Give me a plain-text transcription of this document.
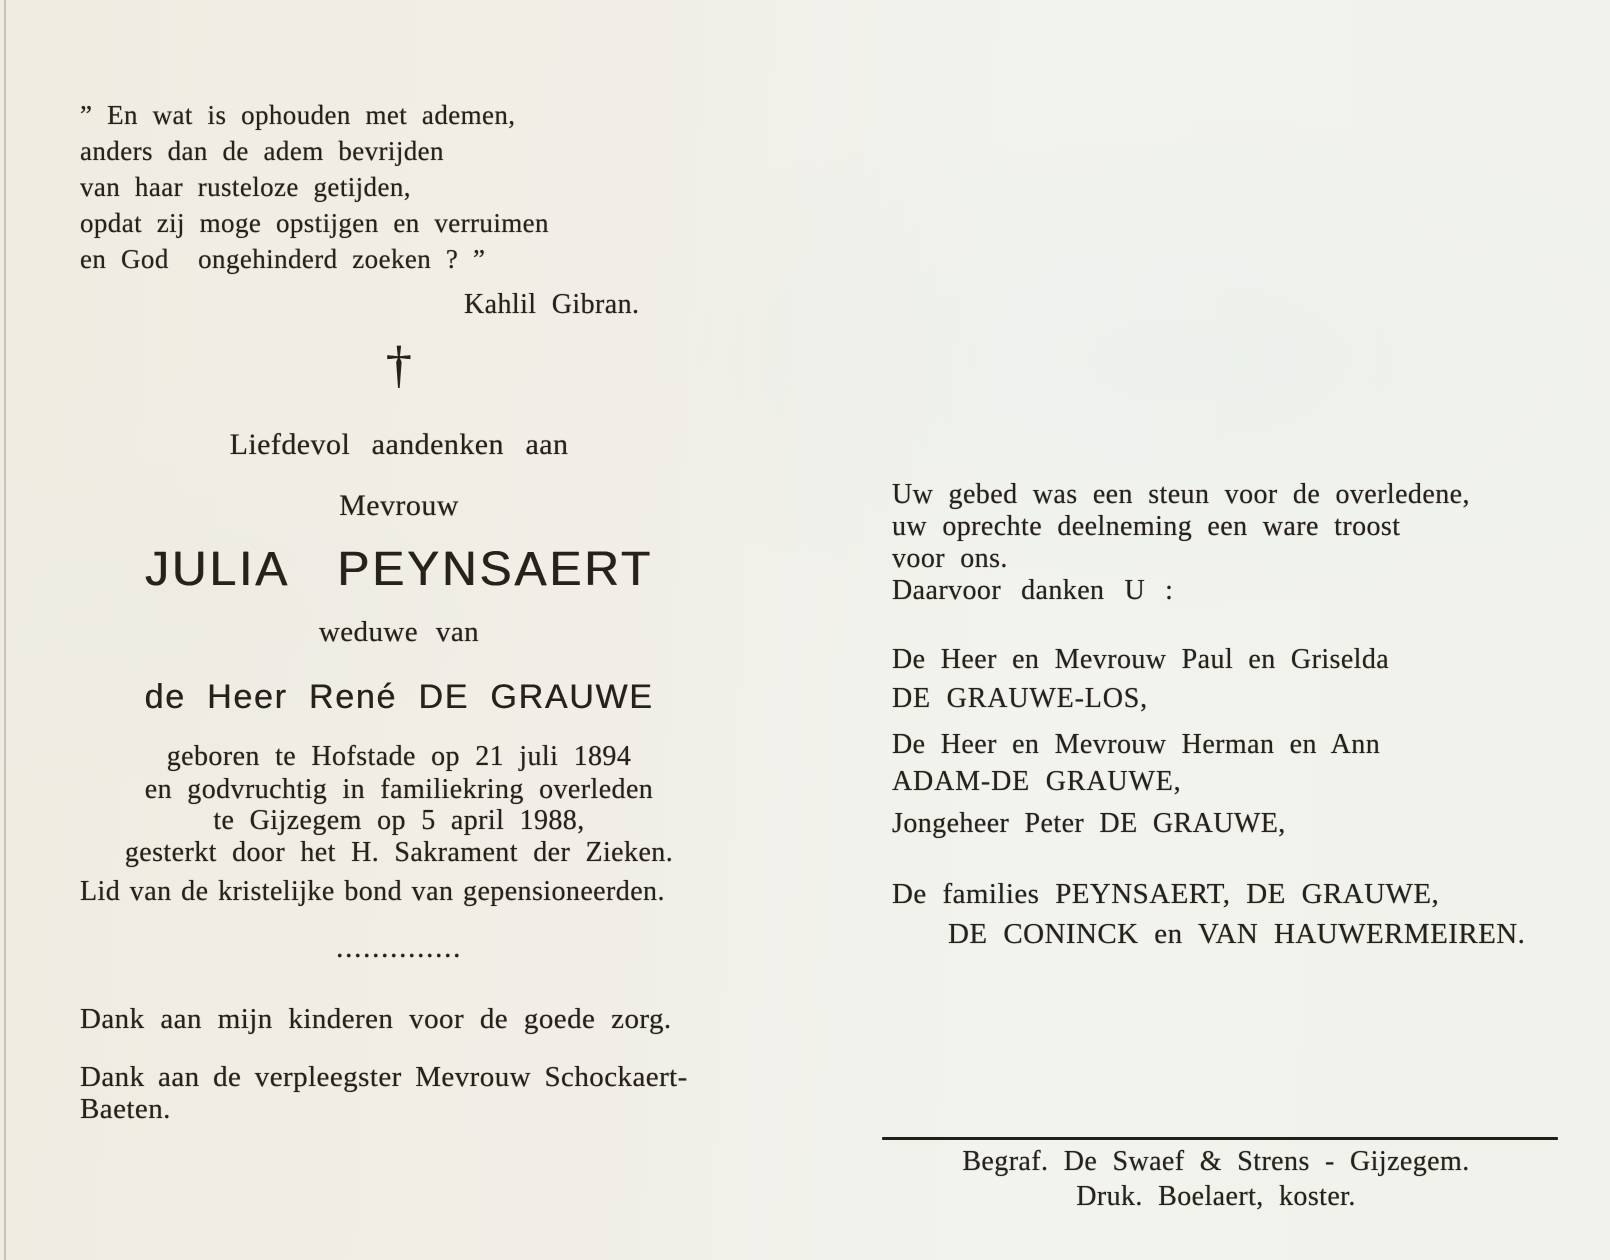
” En wat is ophouden met ademen,
anders dan de adem bevrijden
van haar rusteloze getijden,
opdat zij moge opstijgen en verruimen
en God  ongehinderd zoeken ? ”
Kahlil Gibran.
†
Liefdevol aandenken aan
Mevrouw
JULIA PEYNSAERT
weduwe van
de Heer René DE GRAUWE
geboren te Hofstade op 21 juli 1894
en godvruchtig in familiekring overleden
te Gijzegem op 5 april 1988,
gesterkt door het H. Sakrament der Zieken.
Lid van de kristelijke bond van gepensioneerden.
..............
Dank aan mijn kinderen voor de goede zorg.
Dank aan de verpleegster Mevrouw Schockaert-
Baeten.
Uw gebed was een steun voor de overledene,
uw oprechte deelneming een ware troost
voor ons.
Daarvoor danken U :
De Heer en Mevrouw Paul en Griselda
DE GRAUWE-LOS,
De Heer en Mevrouw Herman en Ann
ADAM-DE GRAUWE,
Jongeheer Peter DE GRAUWE,
De families PEYNSAERT, DE GRAUWE,
DE CONINCK en VAN HAUWERMEIREN.
Begraf. De Swaef & Strens - Gijzegem.
Druk. Boelaert, koster.
